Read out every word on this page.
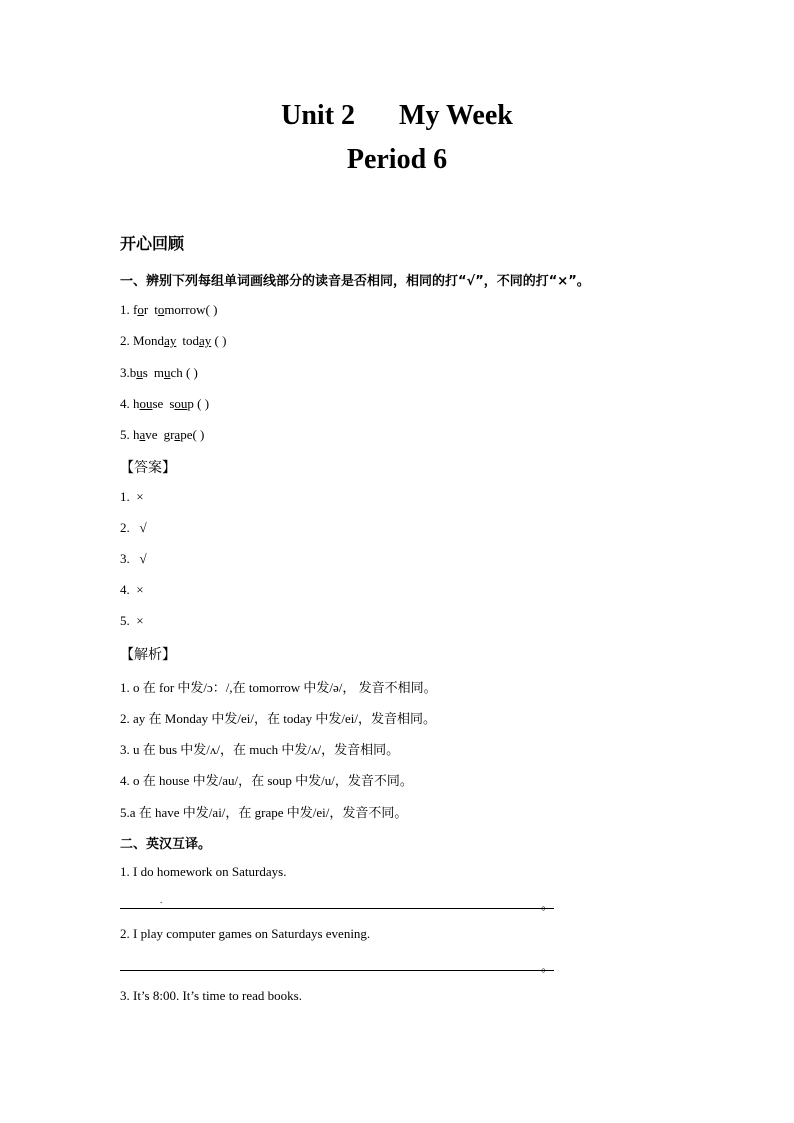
Unit 2 My Week
Period 6
开心回顾
一、辨别下列每组单词画线部分的读音是否相同，相同的打“√”，不同的打“×”。
1. for tomorrow( )
2. Monday today ( )
3.bus much ( )
4. house soup ( )
5. have grape( )
【答案】
1. ×
2. √
3. √
4. ×
5. ×
【解析】
1. o 在 for 中发/ɔ：/,在 tomorrow 中发/ə/， 发音不相同。
2. ay 在 Monday 中发/ei/，在 today 中发/ei/，发音相同。
3. u 在 bus 中发/ʌ/，在 much 中发/ʌ/，发音相同。
4. o 在 house 中发/au/，在 soup 中发/u/，发音不同。
5.a 在 have 中发/ai/，在 grape 中发/ei/，发音不同。
二、英汉互译。
1. I do homework on Saturdays.
.	。
2. I play computer games on Saturdays evening.
。
3. It’s 8:00. It’s time to read books.
